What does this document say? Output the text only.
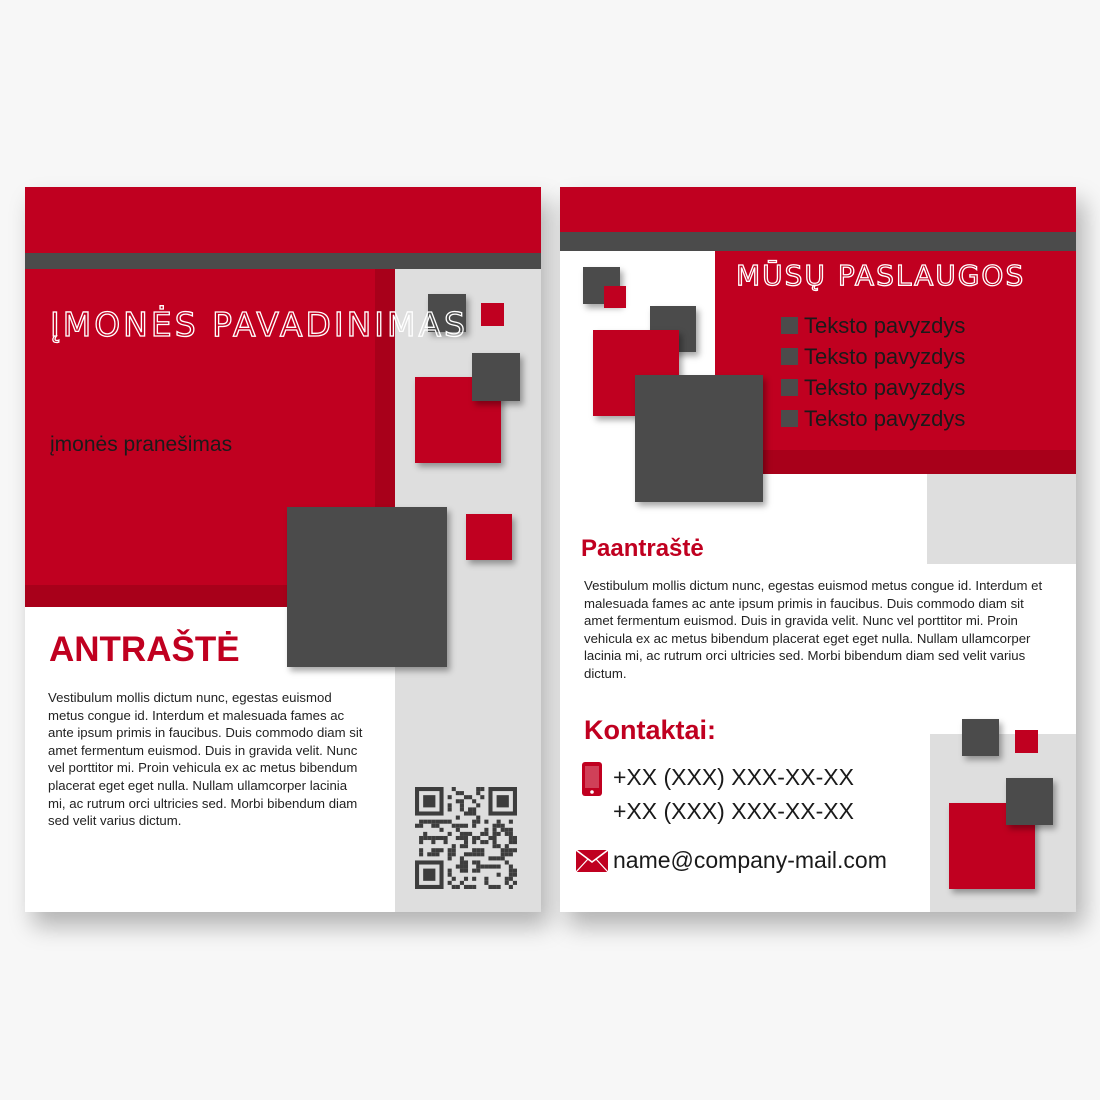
ĮMONĖS PAVADINIMAS

įmonės pranešimas

ANTRAŠTĖ

Vestibulum mollis dictum nunc, egestas euismod metus congue id. Interdum et malesuada fames ac ante ipsum primis in faucibus. Duis commodo diam sit amet fermentum euismod. Duis in gravida velit. Nunc vel porttitor mi. Proin vehicula ex ac metus bibendum placerat eget eget nulla. Nullam ullamcorper lacinia mi, ac rutrum orci ultricies sed. Morbi bibendum diam sed velit varius dictum.

MŪSŲ PASLAUGOS
Teksto pavyzdys
Teksto pavyzdys
Teksto pavyzdys
Teksto pavyzdys
Paantraštė

Vestibulum mollis dictum nunc, egestas euismod metus congue id. Interdum et malesuada fames ac ante ipsum primis in faucibus. Duis commodo diam sit amet fermentum euismod. Duis in gravida velit. Nunc vel porttitor mi. Proin vehicula ex ac metus bibendum placerat eget eget nulla. Nullam ullamcorper lacinia mi, ac rutrum orci ultricies sed. Morbi bibendum diam sed velit varius dictum.

Kontaktai:

+XX (XXX) XXX-XX-XX

+XX (XXX) XXX-XX-XX

name@company-mail.com
